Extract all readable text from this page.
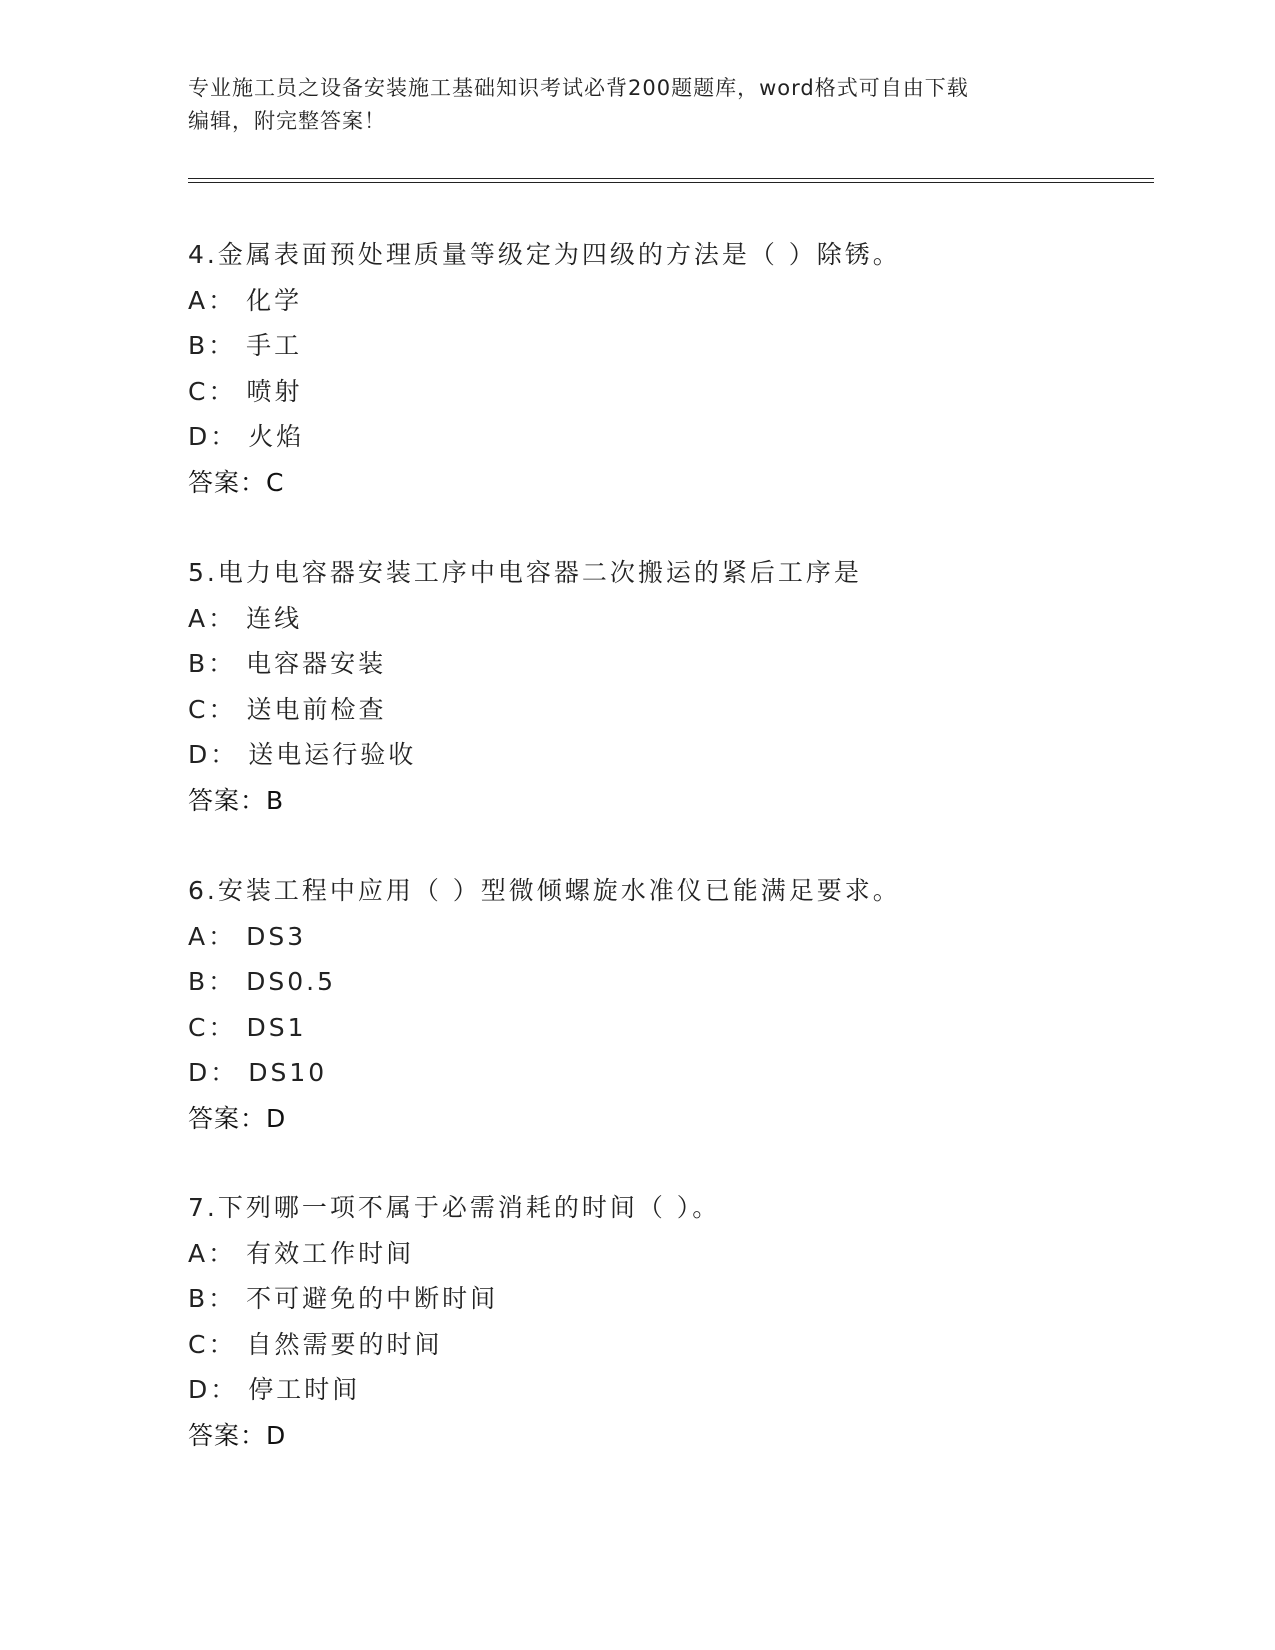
专业施工员之设备安装施工基础知识考试必背200题题库，word格式可自由下载
编辑，附完整答案！
4.金属表面预处理质量等级定为四级的方法是（ ）除锈。
A： 化学
B： 手工
C： 喷射
D： 火焰
答案：C
5.电力电容器安装工序中电容器二次搬运的紧后工序是
A： 连线
B： 电容器安装
C： 送电前检查
D： 送电运行验收
答案：B
6.安装工程中应用（ ）型微倾螺旋水准仪已能满足要求。
A： DS3
B： DS0.5
C： DS1
D： DS10
答案：D
7.下列哪一项不属于必需消耗的时间（ ）。
A： 有效工作时间
B： 不可避免的中断时间
C： 自然需要的时间
D： 停工时间
答案：D
